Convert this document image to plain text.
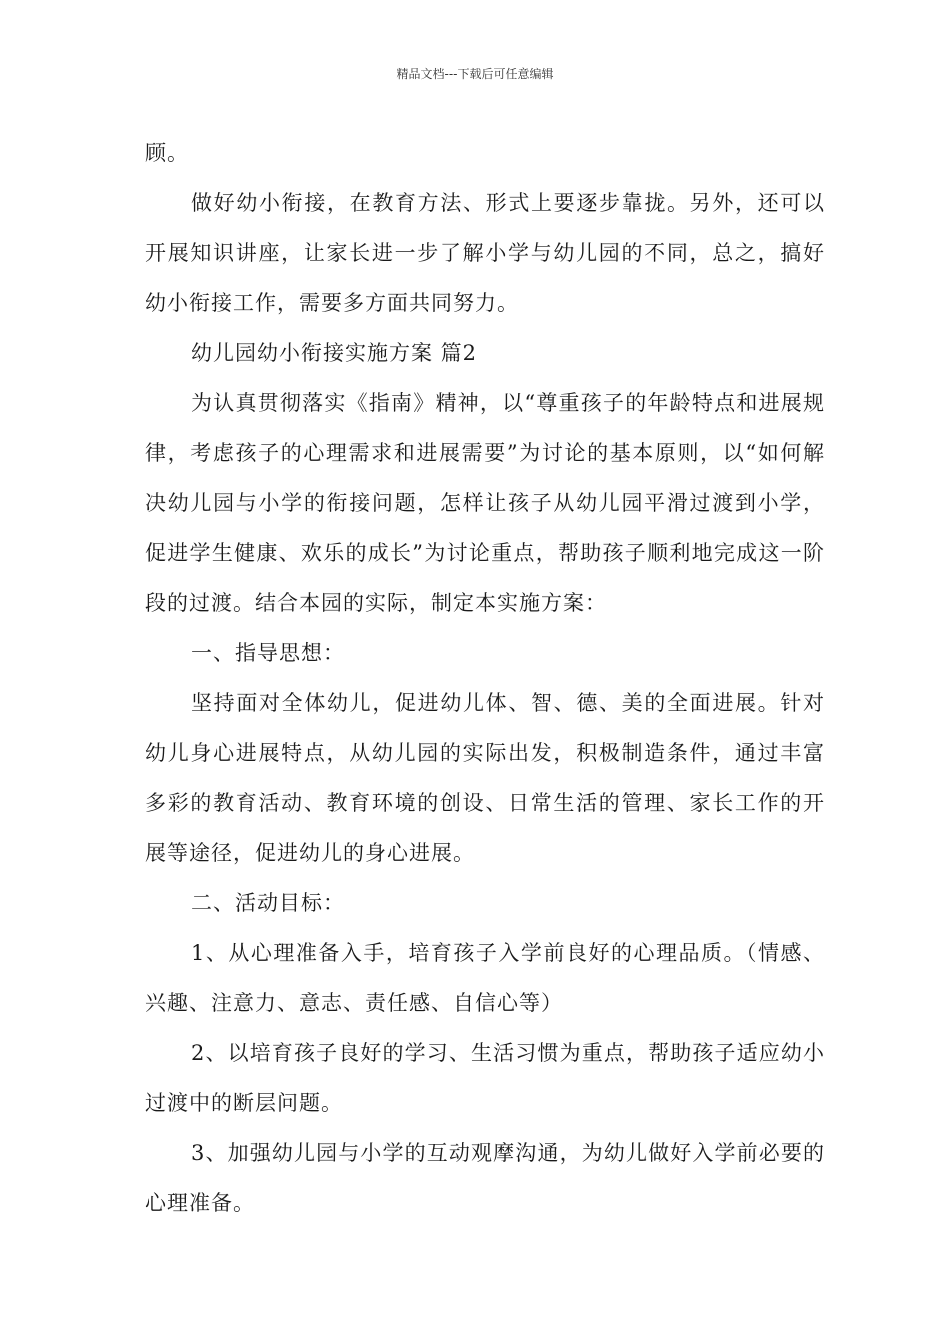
精品文档---下载后可任意编辑

顾。

做好幼小衔接，在教育方法、形式上要逐步靠拢。另外，还可以开展知识讲座，让家长进一步了解小学与幼儿园的不同，总之，搞好幼小衔接工作，需要多方面共同努力。

幼儿园幼小衔接实施方案 篇2

为认真贯彻落实《指南》精神，以“尊重孩子的年龄特点和进展规律，考虑孩子的心理需求和进展需要”为讨论的基本原则，以“如何解决幼儿园与小学的衔接问题，怎样让孩子从幼儿园平滑过渡到小学，促进学生健康、欢乐的成长”为讨论重点，帮助孩子顺利地完成这一阶段的过渡。结合本园的实际，制定本实施方案：

一、指导思想：

坚持面对全体幼儿，促进幼儿体、智、德、美的全面进展。针对幼儿身心进展特点，从幼儿园的实际出发，积极制造条件，通过丰富多彩的教育活动、教育环境的创设、日常生活的管理、家长工作的开展等途径，促进幼儿的身心进展。

二、活动目标：

1、从心理准备入手，培育孩子入学前良好的心理品质。（情感、兴趣、注意力、意志、责任感、自信心等）

2、以培育孩子良好的学习、生活习惯为重点，帮助孩子适应幼小过渡中的断层问题。

3、加强幼儿园与小学的互动观摩沟通，为幼儿做好入学前必要的心理准备。
